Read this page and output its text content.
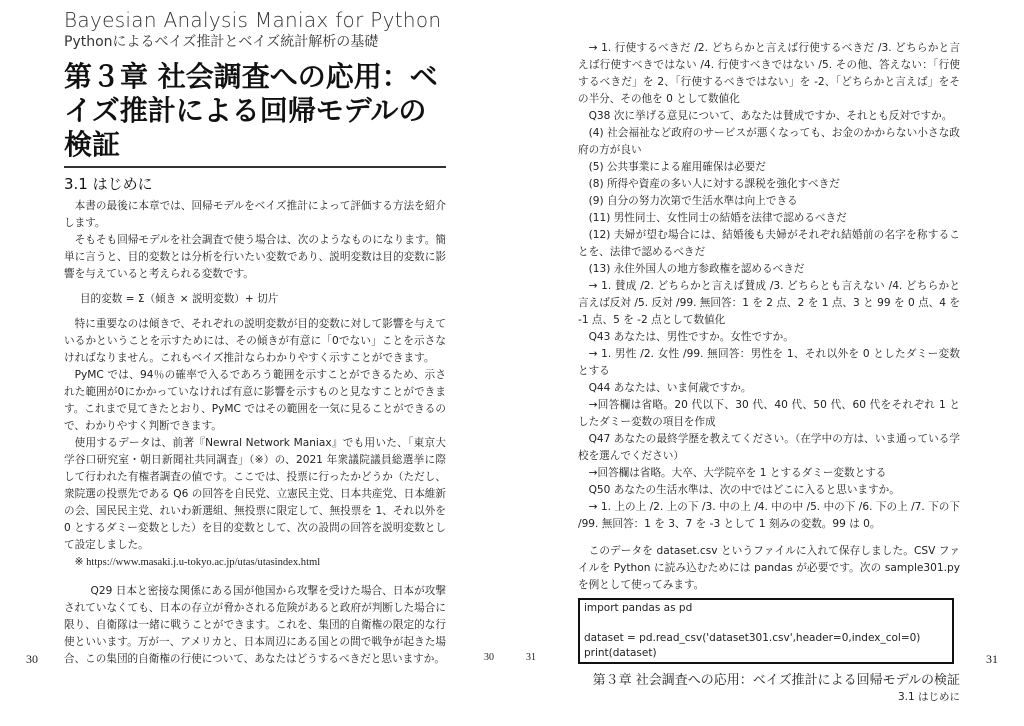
Bayesian Analysis Maniax for Python
Pythonによるベイズ推計とベイズ統計解析の基礎
第３章 社会調査への応用：ベイズ推計による回帰モデルの検証
3.1 はじめに

本書の最後に本章では、回帰モデルをベイズ推計によって評価する方法を紹介します。

そもそも回帰モデルを社会調査で使う場合は、次のようなものになります。簡単に言うと、目的変数とは分析を行いたい変数であり、説明変数は目的変数に影響を与えていると考えられる変数です。

目的変数 = Σ（傾き × 説明変数）+ 切片

特に重要なのは傾きで、それぞれの説明変数が目的変数に対して影響を与えているかということを示すためには、その傾きが有意に「0でない」ことを示さなければなりません。これもベイズ推計ならわかりやすく示すことができます。

PyMC では、94％の確率で入るであろう範囲を示すことができるため、示された範囲が0にかかっていなければ有意に影響を示すものと見なすことができます。これまで見てきたとおり、PyMC ではその範囲を一気に見ることができるので、わかりやすく判断できます。

使用するデータは、前著『Newral Network Maniax』でも用いた、「東京大学谷口研究室・朝日新聞社共同調査」（※）の、2021 年衆議院議員総選挙に際して行われた有権者調査の値です。ここでは、投票に行ったかどうか（ただし、衆院選の投票先である Q6 の回答を自民党、立憲民主党、日本共産党、日本維新の会、国民民主党、れいわ新選組、無投票に限定して、無投票を 1、それ以外を 0 とするダミー変数とした）を目的変数として、次の設問の回答を説明変数として設定しました。

※ https://www.masaki.j.u-tokyo.ac.jp/utas/utasindex.html

Q29 日本と密接な関係にある国が他国から攻撃を受けた場合、日本が攻撃されていなくても、日本の存立が脅かされる危険があると政府が判断した場合に限り、自衛隊は一緒に戦うことができます。これを、集団的自衛権の限定的な行使といいます。万が一、アメリカと、日本周辺にある国との間で戦争が起きた場合、この集団的自衛権の行使について、あなたはどうするべきだと思いますか。

30	30

→ 1. 行使するべきだ /2. どちらかと言えば行使するべきだ /3. どちらかと言えば行使すべきではない /4. 行使すべきではない /5. その他、答えない：「行使するべきだ」を 2、「行使するべきではない」を -2、「どちらかと言えば」をその半分、その他を 0 として数値化

Q38 次に挙げる意見について、あなたは賛成ですか、それとも反対ですか。

(4) 社会福祉など政府のサービスが悪くなっても、お金のかからない小さな政府の方が良い

(5) 公共事業による雇用確保は必要だ

(8) 所得や資産の多い人に対する課税を強化すべきだ

(9) 自分の努力次第で生活水準は向上できる

(11) 男性同士、女性同士の結婚を法律で認めるべきだ

(12) 夫婦が望む場合には、結婚後も夫婦がそれぞれ結婚前の名字を称することを、法律で認めるべきだ

(13) 永住外国人の地方参政権を認めるべきだ

→ 1. 賛成 /2. どちらかと言えば賛成 /3. どちらとも言えない /4. どちらかと言えば反対 /5. 反対 /99. 無回答：1 を 2 点、2 を 1 点、3 と 99 を 0 点、4 を -1 点、5 を -2 点として数値化

Q43 あなたは、男性ですか。女性ですか。

→ 1. 男性 /2. 女性 /99. 無回答：男性を 1、それ以外を 0 としたダミー変数とする

Q44 あなたは、いま何歳ですか。

→回答欄は省略。20 代以下、30 代、40 代、50 代、60 代をそれぞれ 1 としたダミー変数の項目を作成

Q47 あなたの最終学歴を教えてください。（在学中の方は、いま通っている学校を選んでください）

→回答欄は省略。大卒、大学院卒を 1 とするダミー変数とする

Q50 あなたの生活水準は、次の中ではどこに入ると思いますか。

→ 1. 上の上 /2. 上の下 /3. 中の上 /4. 中の中 /5. 中の下 /6. 下の上 /7. 下の下 /99. 無回答：1 を 3、7 を -3 として 1 刻みの変数。99 は 0。

このデータを dataset.csv というファイルに入れて保存しました。CSV ファイルを Python に読み込むためには pandas が必要です。次の sample301.py を例として使ってみます。

import pandas as pd
dataset = pd.read_csv('dataset301.csv',header=0,index_col=0)
print(dataset)
第３章 社会調査への応用：ベイズ推計による回帰モデルの検証
3.1 はじめに
31	31
